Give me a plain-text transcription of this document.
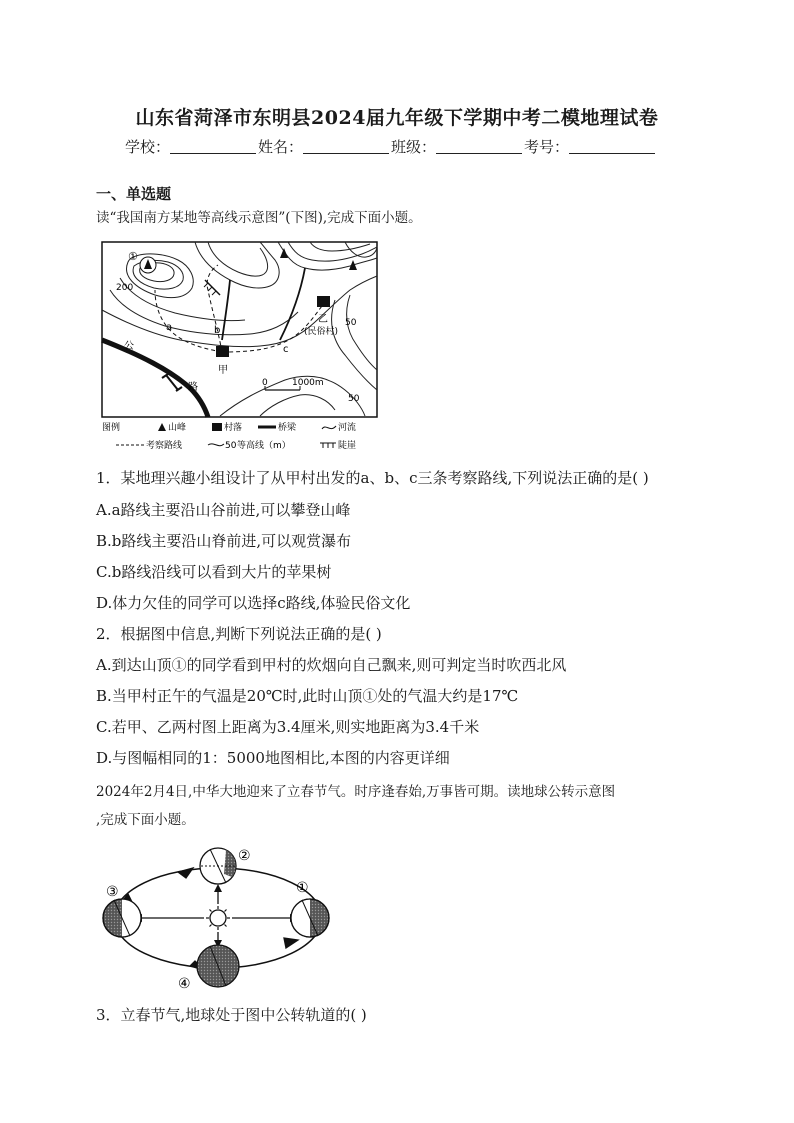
山东省菏泽市东明县2024届九年级下学期中考二模地理试卷
学校：	姓名：	班级：	考号：
一、单选题
读“我国南方某地等高线示意图”(下图),完成下面小题。
①
200
50
50
a	b
c
甲
乙
(民俗村)
公
路	0	1000m
图例	山峰	村落	桥梁	河流
考察路线	50 等高线（m）	陡崖
1．某地理兴趣小组设计了从甲村出发的a、b、c三条考察路线,下列说法正确的是( )
A.a路线主要沿山谷前进,可以攀登山峰
B.b路线主要沿山脊前进,可以观赏瀑布
C.b路线沿线可以看到大片的苹果树
D.体力欠佳的同学可以选择c路线,体验民俗文化
2．根据图中信息,判断下列说法正确的是( )
A.到达山顶①的同学看到甲村的炊烟向自己飘来,则可判定当时吹西北风
B.当甲村正午的气温是20℃时,此时山顶①处的气温大约是17℃
C.若甲、乙两村图上距离为3.4厘米,则实地距离为3.4千米
D.与图幅相同的1：5000地图相比,本图的内容更详细
2024年2月4日,中华大地迎来了立春节气。时序逢春始,万事皆可期。读地球公转示意图
,完成下面小题。
②
③	①
④
3．立春节气,地球处于图中公转轨道的( )
